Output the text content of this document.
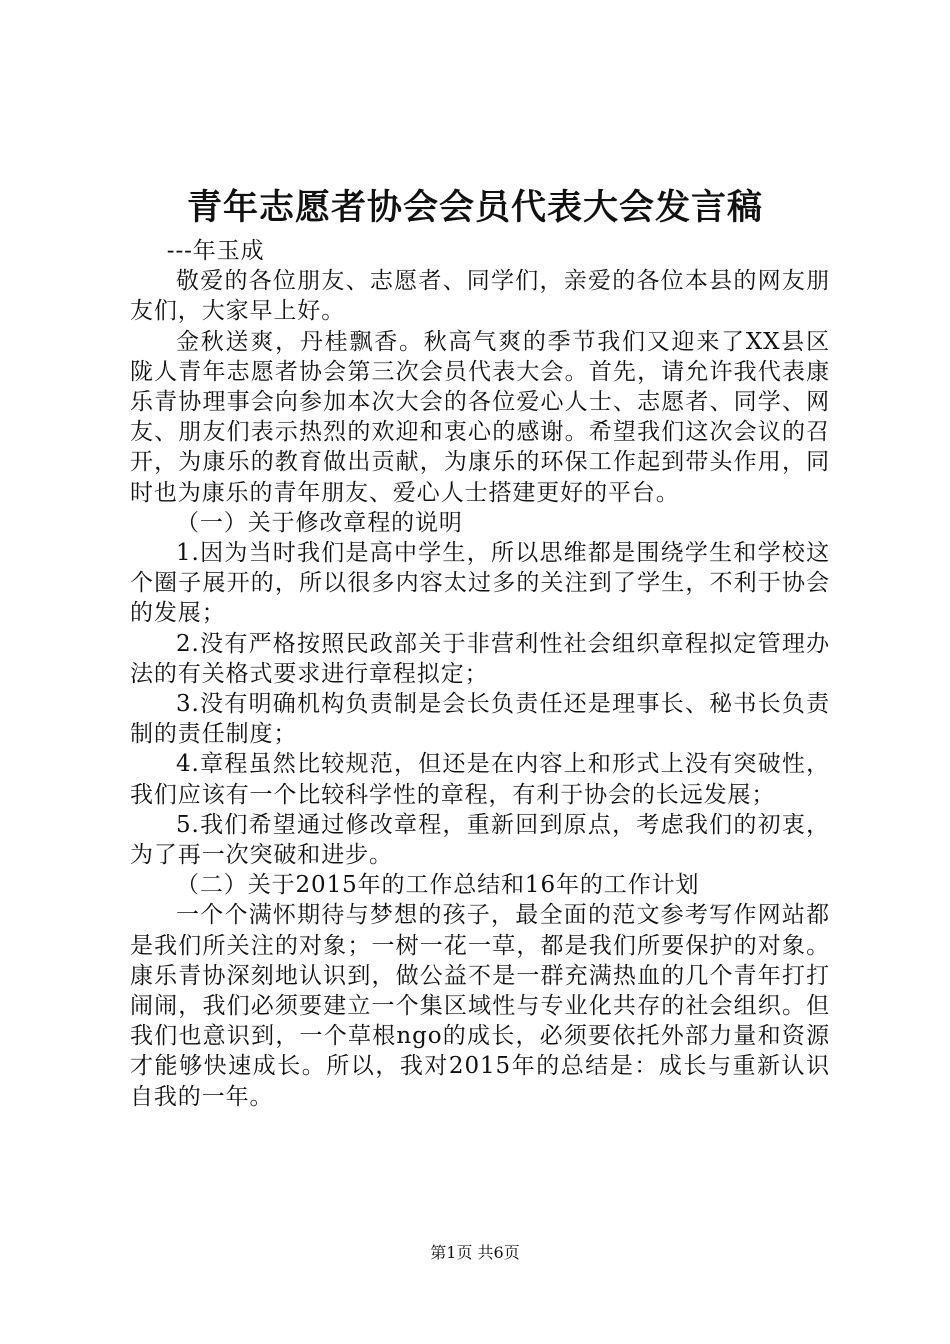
青年志愿者协会会员代表大会发言稿

---年玉成

敬爱的各位朋友、志愿者、同学们，亲爱的各位本县的网友朋友们，大家早上好。

金秋送爽，丹桂飘香。秋高气爽的季节我们又迎来了XX县区陇人青年志愿者协会第三次会员代表大会。首先，请允许我代表康乐青协理事会向参加本次大会的各位爱心人士、志愿者、同学、网友、朋友们表示热烈的欢迎和衷心的感谢。希望我们这次会议的召开，为康乐的教育做出贡献，为康乐的环保工作起到带头作用，同时也为康乐的青年朋友、爱心人士搭建更好的平台。

（一）关于修改章程的说明

1.因为当时我们是高中学生，所以思维都是围绕学生和学校这个圈子展开的，所以很多内容太过多的关注到了学生，不利于协会的发展；

2.没有严格按照民政部关于非营利性社会组织章程拟定管理办法的有关格式要求进行章程拟定；

3.没有明确机构负责制是会长负责任还是理事长、秘书长负责制的责任制度；

4.章程虽然比较规范，但还是在内容上和形式上没有突破性，我们应该有一个比较科学性的章程，有利于协会的长远发展；

5.我们希望通过修改章程，重新回到原点，考虑我们的初衷，为了再一次突破和进步。

（二）关于2015年的工作总结和16年的工作计划

一个个满怀期待与梦想的孩子，最全面的范文参考写作网站都是我们所关注的对象；一树一花一草，都是我们所要保护的对象。康乐青协深刻地认识到，做公益不是一群充满热血的几个青年打打闹闹，我们必须要建立一个集区域性与专业化共存的社会组织。但我们也意识到，一个草根ngo的成长，必须要依托外部力量和资源才能够快速成长。所以，我对2015年的总结是：成长与重新认识自我的一年。

第1页 共6页
